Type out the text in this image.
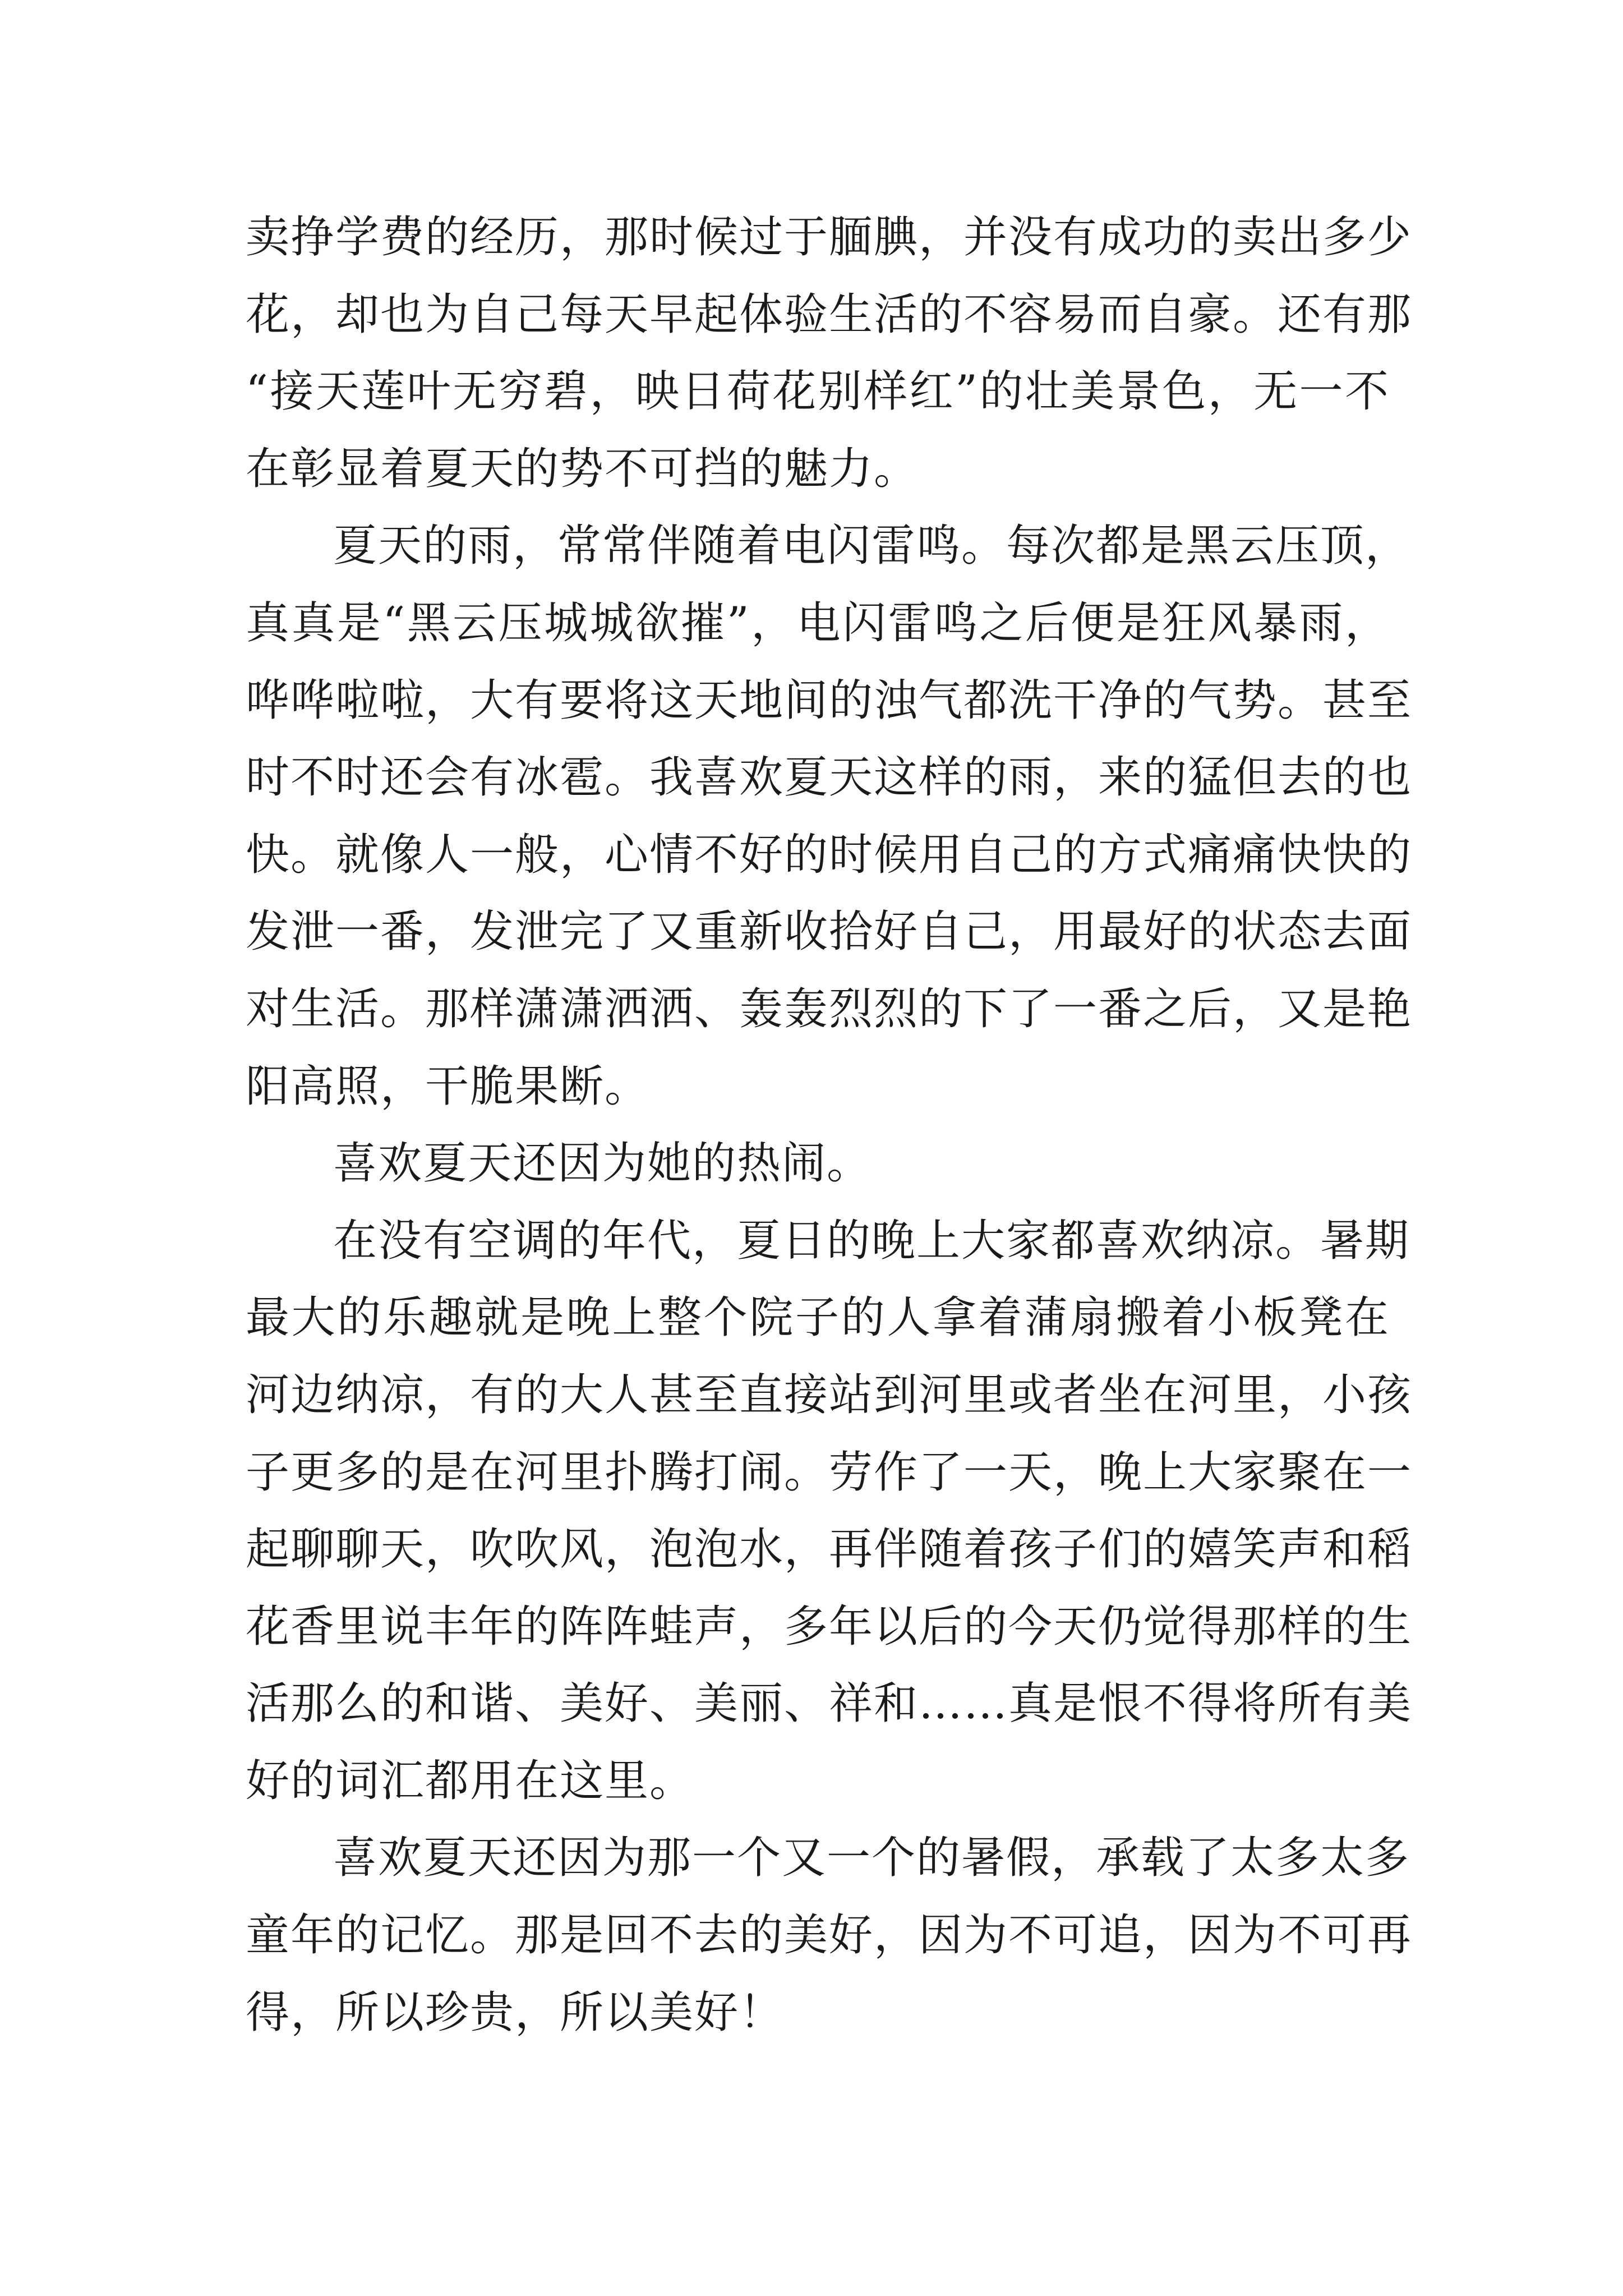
卖挣学费的经历，那时候过于腼腆，并没有成功的卖出多少
花，却也为自己每天早起体验生活的不容易而自豪。还有那
“接天莲叶无穷碧，映日荷花别样红”的壮美景色，无一不
在彰显着夏天的势不可挡的魅力。
夏天的雨，常常伴随着电闪雷鸣。每次都是黑云压顶，
真真是“黑云压城城欲摧”，电闪雷鸣之后便是狂风暴雨，
哗哗啦啦，大有要将这天地间的浊气都洗干净的气势。甚至
时不时还会有冰雹。我喜欢夏天这样的雨，来的猛但去的也
快。就像人一般，心情不好的时候用自己的方式痛痛快快的
发泄一番，发泄完了又重新收拾好自己，用最好的状态去面
对生活。那样潇潇洒洒、轰轰烈烈的下了一番之后，又是艳
阳高照，干脆果断。
喜欢夏天还因为她的热闹。
在没有空调的年代，夏日的晚上大家都喜欢纳凉。暑期
最大的乐趣就是晚上整个院子的人拿着蒲扇搬着小板凳在
河边纳凉，有的大人甚至直接站到河里或者坐在河里，小孩
子更多的是在河里扑腾打闹。劳作了一天，晚上大家聚在一
起聊聊天，吹吹风，泡泡水，再伴随着孩子们的嬉笑声和稻
花香里说丰年的阵阵蛙声，多年以后的今天仍觉得那样的生
活那么的和谐、美好、美丽、祥和……真是恨不得将所有美
好的词汇都用在这里。
喜欢夏天还因为那一个又一个的暑假，承载了太多太多
童年的记忆。那是回不去的美好，因为不可追，因为不可再
得，所以珍贵，所以美好！
